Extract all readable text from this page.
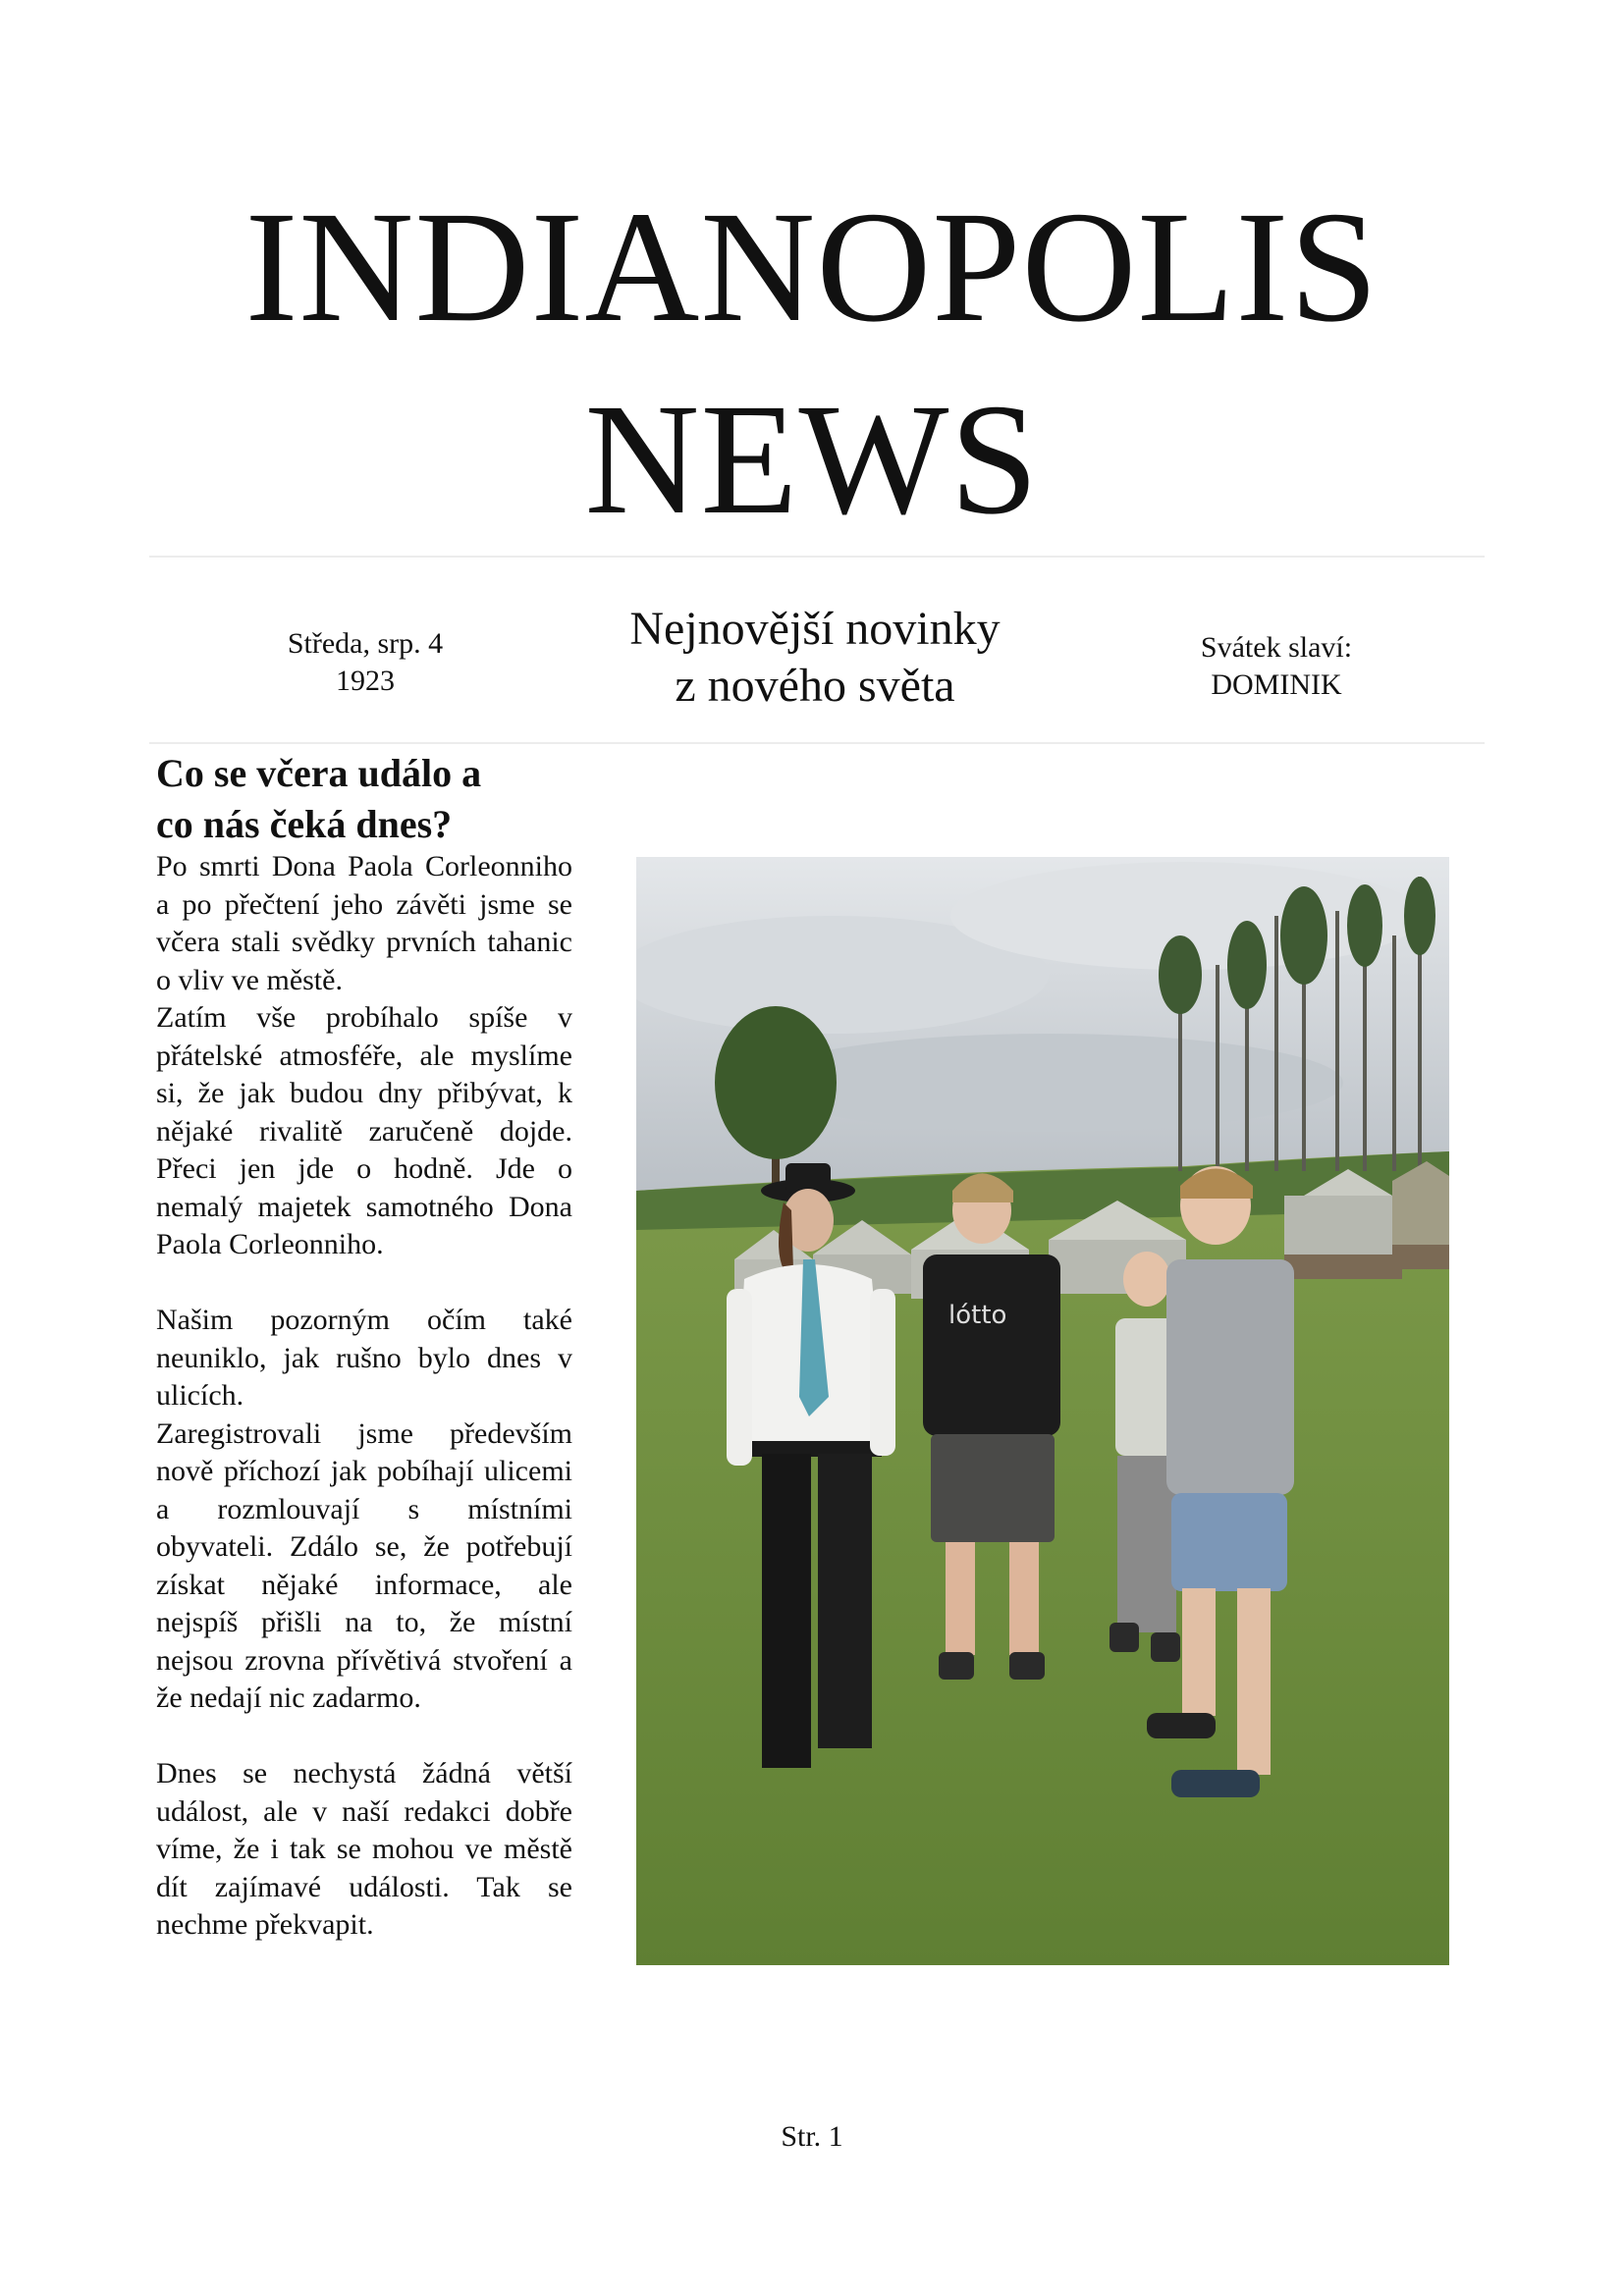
INDIANOPOLIS
NEWS
Středa, srp. 4
1923
Nejnovější novinky
z nového světa
Svátek slaví:
DOMINIK
Co se včera událo a
co nás čeká dnes?

Po smrti Dona Paola Corleonniho a po přečtení jeho závěti jsme se včera stali svědky prvních tahanic o vliv ve městě.

Zatím vše probíhalo spíše v přátelské atmosféře, ale myslíme si, že jak budou dny přibývat, k nějaké rivalitě zaručeně dojde. Přeci jen jde o hodně. Jde o nemalý majetek samotného Dona Paola Corleonniho.

Našim pozorným očím také neuniklo, jak rušno bylo dnes v ulicích.

Zaregistrovali jsme především nově příchozí jak pobíhají ulicemi a rozmlouvají s místními obyvateli. Zdálo se, že potřebují získat nějaké informace, ale nejspíš přišli na to, že místní nejsou zrovna přívětivá stvoření a že nedají nic zadarmo.

Dnes se nechystá žádná větší událost, ale v naší redakci dobře víme, že i tak se mohou ve městě dít zajímavé události. Tak se nechme překvapit.

lótto
Str. 1
